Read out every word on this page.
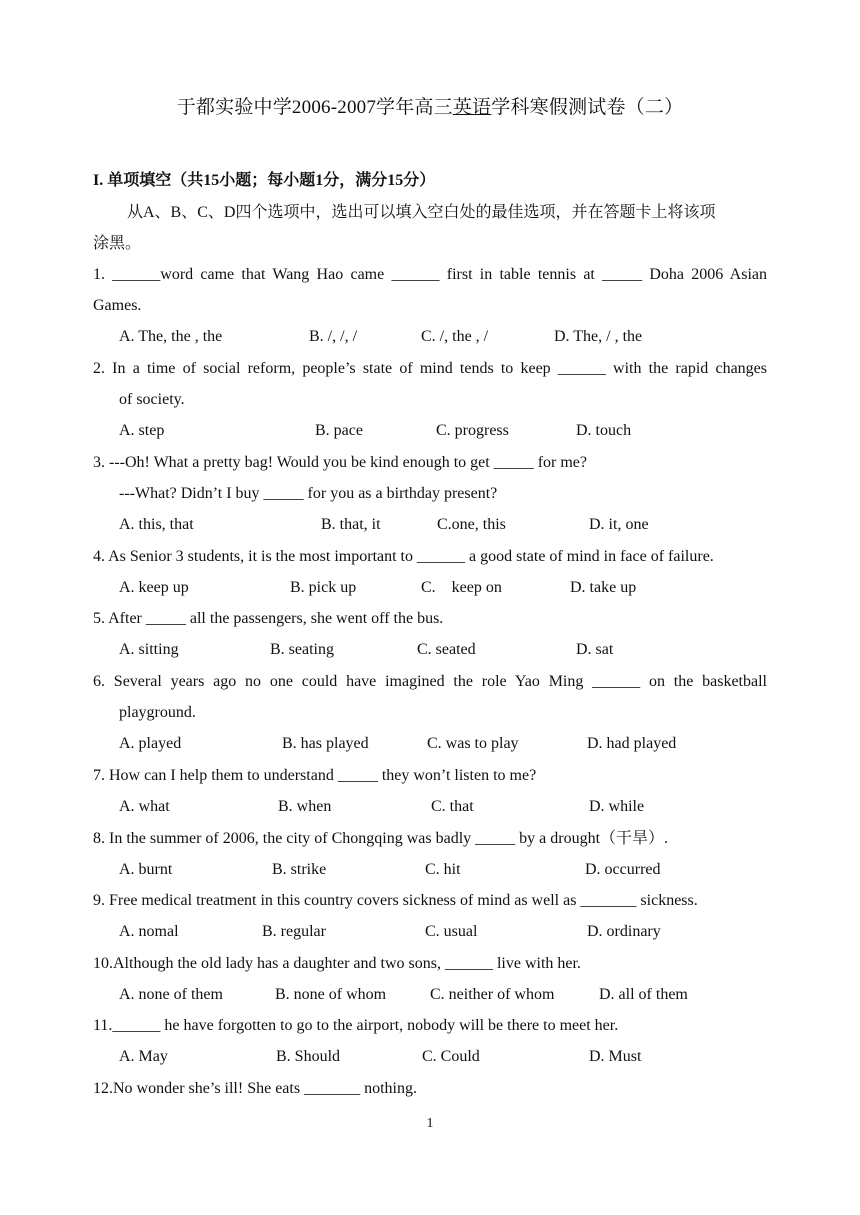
于都实验中学2006-2007学年高三英语学科寒假测试卷（二）
I. 单项填空（共15小题；每小题1分，满分15分）
从A、B、C、D四个选项中，选出可以填入空白处的最佳选项，并在答题卡上将该项
涂黑。
1. ______word came that Wang Hao came ______ first in table tennis at _____ Doha 2006 Asian
Games.
A. The, the , the	B. /, /, /	C. /, the , /	D. The, / , the
2. In a time of social reform, people’s state of mind tends to keep ______ with the rapid changes
of society.
A. step	B. pace	C. progress	D. touch
3. ---Oh! What a pretty bag! Would you be kind enough to get _____ for me?
---What? Didn’t I buy _____ for you as a birthday present?
A. this, that	B. that, it	C.one, this	D. it, one
4. As Senior 3 students, it is the most important to ______ a good state of mind in face of failure.
A. keep up	B. pick up	C.    keep on	D. take up
5. After _____ all the passengers, she went off the bus.
A. sitting	B. seating	C. seated	D. sat
6. Several years ago no one could have imagined the role Yao Ming ______ on the basketball
playground.
A. played	B. has played	C. was to play	D. had played
7. How can I help them to understand _____ they won’t listen to me?
A. what	B. when	C. that	D. while
8. In the summer of 2006, the city of Chongqing was badly _____ by a drought（干旱）.
A. burnt	B. strike	C. hit	D. occurred
9. Free medical treatment in this country covers sickness of mind as well as _______ sickness.
A. nomal	B. regular	C. usual	D. ordinary
10.Although the old lady has a daughter and two sons, ______ live with her.
A. none of them	B. none of whom	C. neither of whom	D. all of them
11.______ he have forgotten to go to the airport, nobody will be there to meet her.
A. May	B. Should	C. Could	D. Must
12.No wonder she’s ill! She eats _______ nothing.
1
